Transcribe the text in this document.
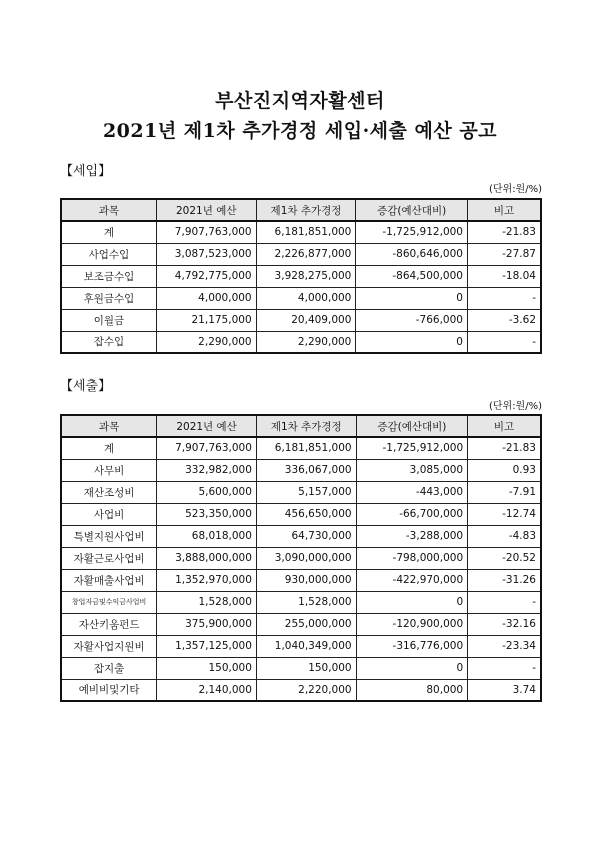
부산진지역자활센터
2021년 제1차 추가경정 세입·세출 예산 공고
【세입】
(단위:원/%)
과목	2021년 예산	제1차 추가경정	증감(예산대비)	비고
계	7,907,763,000	6,181,851,000	-1,725,912,000	-21.83
사업수입	3,087,523,000	2,226,877,000	-860,646,000	-27.87
보조금수입	4,792,775,000	3,928,275,000	-864,500,000	-18.04
후원금수입	4,000,000	4,000,000	0	-
이월금	21,175,000	20,409,000	-766,000	-3.62
잡수입	2,290,000	2,290,000	0	-
【세출】
(단위:원/%)
과목	2021년 예산	제1차 추가경정	증감(예산대비)	비고
계	7,907,763,000	6,181,851,000	-1,725,912,000	-21.83
사무비	332,982,000	336,067,000	3,085,000	0.93
재산조성비	5,600,000	5,157,000	-443,000	-7.91
사업비	523,350,000	456,650,000	-66,700,000	-12.74
특별지원사업비	68,018,000	64,730,000	-3,288,000	-4.83
자활근로사업비	3,888,000,000	3,090,000,000	-798,000,000	-20.52
자활매출사업비	1,352,970,000	930,000,000	-422,970,000	-31.26
창업자금및수익금사업비	1,528,000	1,528,000	0	-
자산키움펀드	375,900,000	255,000,000	-120,900,000	-32.16
자활사업지원비	1,357,125,000	1,040,349,000	-316,776,000	-23.34
잡지출	150,000	150,000	0	-
예비비및기타	2,140,000	2,220,000	80,000	3.74
